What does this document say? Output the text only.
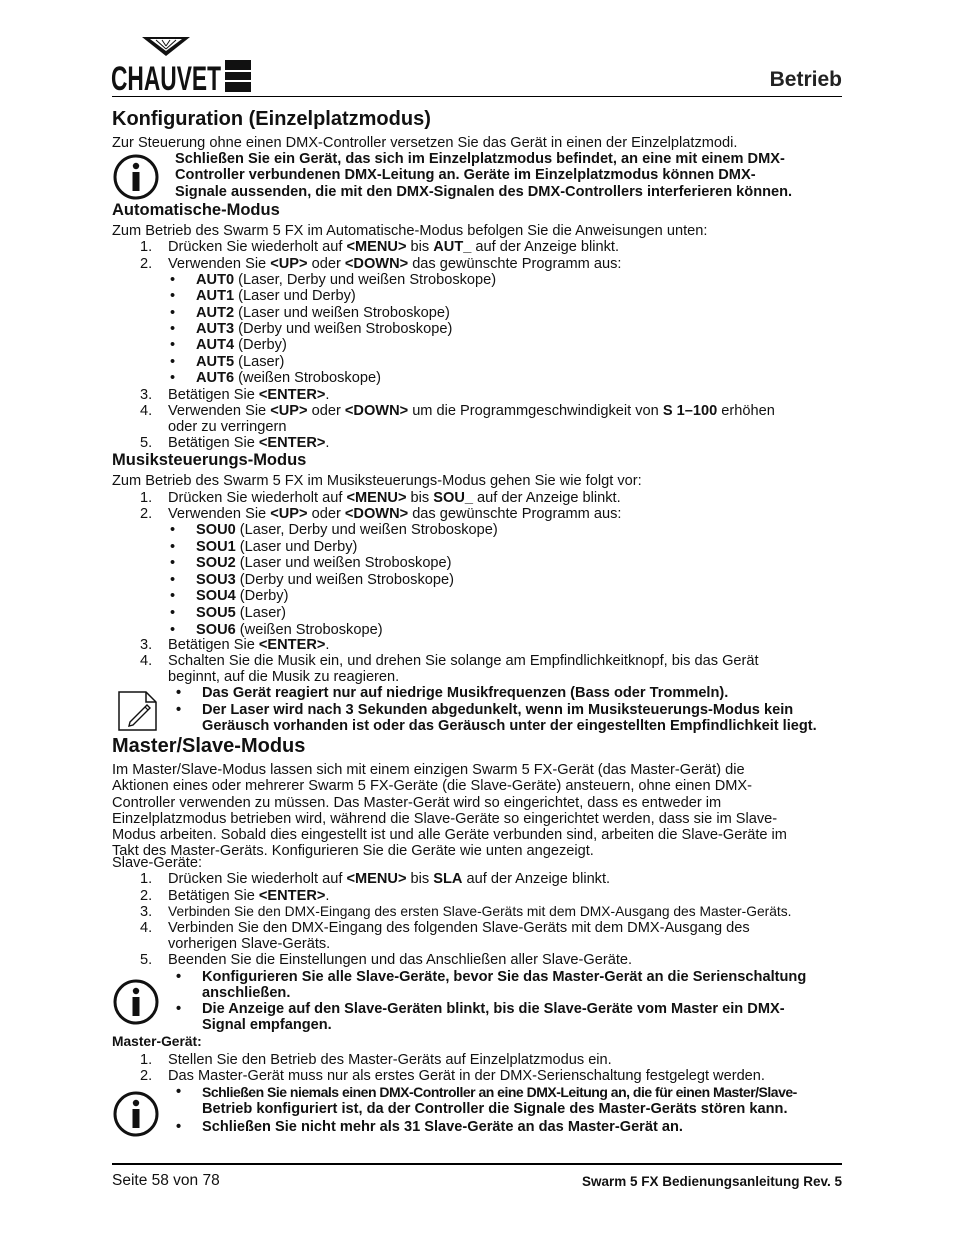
CHAUVET	Betrieb
Konfiguration (Einzelplatzmodus)
Zur Steuerung ohne einen DMX-Controller versetzen Sie das Gerät in einen der Einzelplatzmodi.
Schließen Sie ein Gerät, das sich im Einzelplatzmodus befindet, an eine mit einem DMX-
Controller verbundenen DMX-Leitung an. Geräte im Einzelplatzmodus können DMX-
Signale aussenden, die mit den DMX-Signalen des DMX-Controllers interferieren können.
Automatische-Modus
Zum Betrieb des Swarm 5 FX im Automatische-Modus befolgen Sie die Anweisungen unten:
1. Drücken Sie wiederholt auf <MENU> bis AUT_ auf der Anzeige blinkt.
2. Verwenden Sie <UP> oder <DOWN> das gewünschte Programm aus:
• AUT0 (Laser, Derby und weißen Stroboskope)
• AUT1 (Laser und Derby)
• AUT2 (Laser und weißen Stroboskope)
• AUT3 (Derby und weißen Stroboskope)
• AUT4 (Derby)
• AUT5 (Laser)
• AUT6 (weißen Stroboskope)
3. Betätigen Sie <ENTER>.
4. Verwenden Sie <UP> oder <DOWN> um die Programmgeschwindigkeit von S 1–100 erhöhen
oder zu verringern
5. Betätigen Sie <ENTER>.
Musiksteuerungs-Modus
Zum Betrieb des Swarm 5 FX im Musiksteuerungs-Modus gehen Sie wie folgt vor:
1. Drücken Sie wiederholt auf <MENU> bis SOU_ auf der Anzeige blinkt.
2. Verwenden Sie <UP> oder <DOWN> das gewünschte Programm aus:
• SOU0 (Laser, Derby und weißen Stroboskope)
• SOU1 (Laser und Derby)
• SOU2 (Laser und weißen Stroboskope)
• SOU3 (Derby und weißen Stroboskope)
• SOU4 (Derby)
• SOU5 (Laser)
• SOU6 (weißen Stroboskope)
3. Betätigen Sie <ENTER>.
4. Schalten Sie die Musik ein, und drehen Sie solange am Empfindlichkeitknopf, bis das Gerät
beginnt, auf die Musik zu reagieren.
• Das Gerät reagiert nur auf niedrige Musikfrequenzen (Bass oder Trommeln).
• Der Laser wird nach 3 Sekunden abgedunkelt, wenn im Musiksteuerungs-Modus kein
Geräusch vorhanden ist oder das Geräusch unter der eingestellten Empfindlichkeit liegt.
Master/Slave-Modus
Im Master/Slave-Modus lassen sich mit einem einzigen Swarm 5 FX-Gerät (das Master-Gerät) die
Aktionen eines oder mehrerer Swarm 5 FX-Geräte (die Slave-Geräte) ansteuern, ohne einen DMX-
Controller verwenden zu müssen. Das Master-Gerät wird so eingerichtet, dass es entweder im
Einzelplatzmodus betrieben wird, während die Slave-Geräte so eingerichtet werden, dass sie im Slave-
Modus arbeiten. Sobald dies eingestellt ist und alle Geräte verbunden sind, arbeiten die Slave-Geräte im
Takt des Master-Geräts. Konfigurieren Sie die Geräte wie unten angezeigt.
Slave-Geräte:
1. Drücken Sie wiederholt auf <MENU> bis SLA auf der Anzeige blinkt.
2. Betätigen Sie <ENTER>.
3. Verbinden Sie den DMX-Eingang des ersten Slave-Geräts mit dem DMX-Ausgang des Master-Geräts.
4. Verbinden Sie den DMX-Eingang des folgenden Slave-Geräts mit dem DMX-Ausgang des
vorherigen Slave-Geräts.
5. Beenden Sie die Einstellungen und das Anschließen aller Slave-Geräte.
• Konfigurieren Sie alle Slave-Geräte, bevor Sie das Master-Gerät an die Serienschaltung
anschließen.
• Die Anzeige auf den Slave-Geräten blinkt, bis die Slave-Geräte vom Master ein DMX-
Signal empfangen.
Master-Gerät:
1. Stellen Sie den Betrieb des Master-Geräts auf Einzelplatzmodus ein.
2. Das Master-Gerät muss nur als erstes Gerät in der DMX-Serienschaltung festgelegt werden.
• Schließen Sie niemals einen DMX-Controller an eine DMX-Leitung an, die für einen Master/Slave-
Betrieb konfiguriert ist, da der Controller die Signale des Master-Geräts stören kann.
• Schließen Sie nicht mehr als 31 Slave-Geräte an das Master-Gerät an.
Seite 58 von 78	Swarm 5 FX Bedienungsanleitung Rev. 5
